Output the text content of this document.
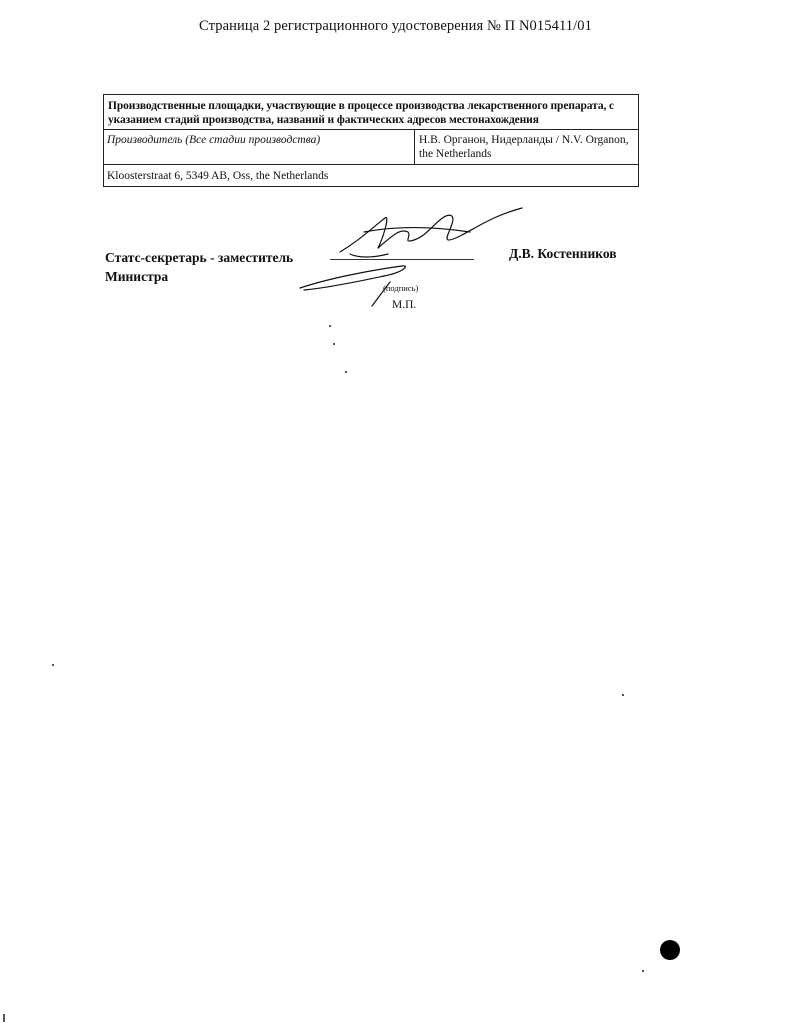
Страница 2 регистрационного удостоверения № П N015411/01
Производственные площадки, участвующие в процессе производства лекарственного препарата, с указанием стадий производства, названий и фактических адресов местонахождения
Производитель (Все стадии производства)	Н.В. Органон, Нидерланды / N.V. Organon, the Netherlands
Kloosterstraat 6, 5349 AB, Oss, the Netherlands
Статс-секретарь - заместитель Министра
Д.В. Костенников
(подпись)
М.П.
